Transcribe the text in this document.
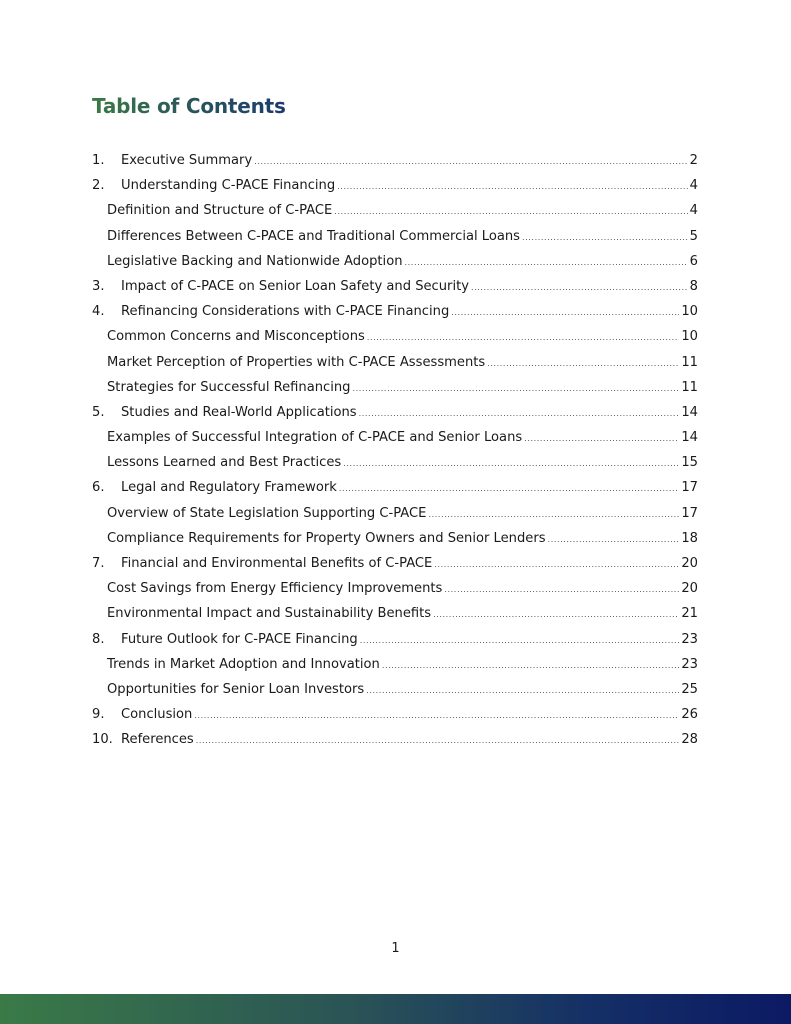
Table of Contents
1.	Executive Summary .....	2
2.	Understanding C-PACE Financing .....	4
Definition and Structure of C-PACE .....	4
Differences Between C-PACE and Traditional Commercial Loans .....	5
Legislative Backing and Nationwide Adoption .....	6
3.	Impact of C-PACE on Senior Loan Safety and Security .....	8
4.	Refinancing Considerations with C-PACE Financing .....	10
Common Concerns and Misconceptions .....	10
Market Perception of Properties with C-PACE Assessments .....	11
Strategies for Successful Refinancing .....	11
5.	Studies and Real-World Applications .....	14
Examples of Successful Integration of C-PACE and Senior Loans .....	14
Lessons Learned and Best Practices .....	15
6.	Legal and Regulatory Framework .....	17
Overview of State Legislation Supporting C-PACE .....	17
Compliance Requirements for Property Owners and Senior Lenders .....	18
7.	Financial and Environmental Benefits of C-PACE .....	20
Cost Savings from Energy Efficiency Improvements .....	20
Environmental Impact and Sustainability Benefits .....	21
8.	Future Outlook for C-PACE Financing .....	23
Trends in Market Adoption and Innovation .....	23
Opportunities for Senior Loan Investors .....	25
9.	Conclusion .....	26
10. References .....	28
1
